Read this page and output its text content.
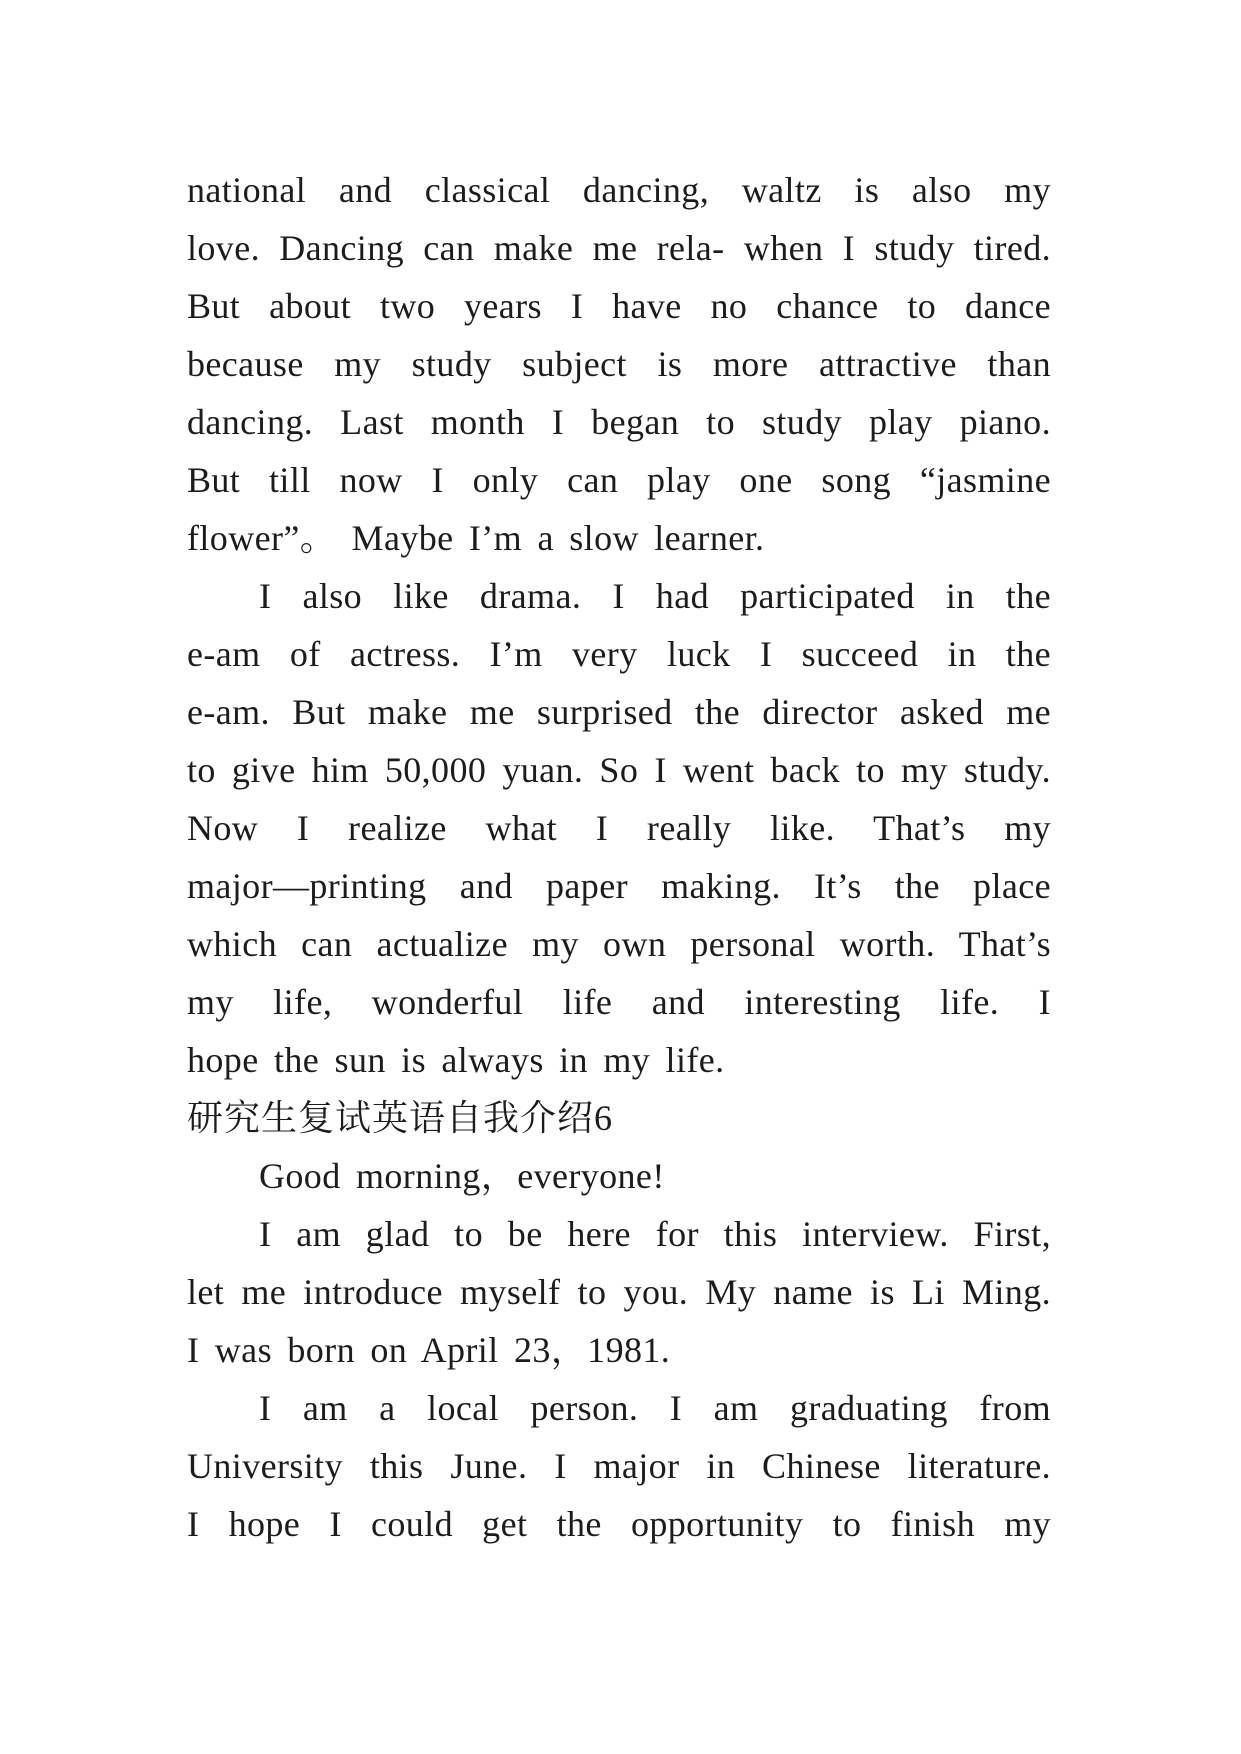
national and classical dancing, waltz is also my
love. Dancing can make me rela- when I study tired.
But about two years I have no chance to dance
because my study subject is more attractive than
dancing. Last month I began to study play piano.
But till now I only can play one song “jasmine
flower”。 Maybe I’m a slow learner.
I also like drama. I had participated in the
e-am of actress. I’m very luck I succeed in the
e-am. But make me surprised the director asked me
to give him 50,000 yuan. So I went back to my study.
Now I realize what I really like. That’s my
major—printing and paper making. It’s the place
which can actualize my own personal worth. That’s
my life, wonderful life and interesting life. I
hope the sun is always in my life.
研究生复试英语自我介绍6
Good morning，everyone!
I am glad to be here for this interview. First,
let me introduce myself to you. My name is Li Ming.
I was born on April 23，1981.
I am a local person. I am graduating from
University this June. I major in Chinese literature.
I hope I could get the opportunity to finish my
